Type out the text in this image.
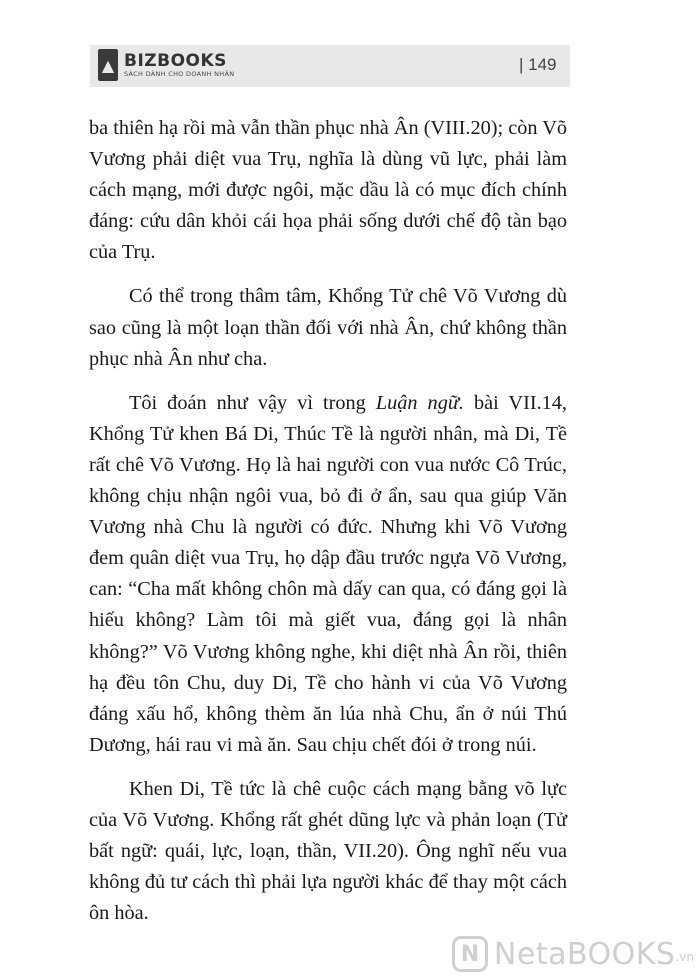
▲ BIZBOOKS
SÁCH DÀNH CHO DOANH NHÂN	| 149

ba thiên hạ rồi mà vẫn thần phục nhà Ân (VIII.20); còn Võ Vương phải diệt vua Trụ, nghĩa là dùng vũ lực, phải làm cách mạng, mới được ngôi, mặc dầu là có mục đích chính đáng: cứu dân khỏi cái họa phải sống dưới chế độ tàn bạo của Trụ.

Có thể trong thâm tâm, Khổng Tử chê Võ Vương dù sao cũng là một loạn thần đối với nhà Ân, chứ không thần phục nhà Ân như cha.

Tôi đoán như vậy vì trong Luận ngữ. bài VII.14, Khổng Tử khen Bá Di, Thúc Tề là người nhân, mà Di, Tề rất chê Võ Vương. Họ là hai người con vua nước Cô Trúc, không chịu nhận ngôi vua, bỏ đi ở ẩn, sau qua giúp Văn Vương nhà Chu là người có đức. Nhưng khi Võ Vương đem quân diệt vua Trụ, họ dập đầu trước ngựa Võ Vương, can: “Cha mất không chôn mà dấy can qua, có đáng gọi là hiếu không? Làm tôi mà giết vua, đáng gọi là nhân không?” Võ Vương không nghe, khi diệt nhà Ân rồi, thiên hạ đều tôn Chu, duy Di, Tề cho hành vi của Võ Vương đáng xấu hổ, không thèm ăn lúa nhà Chu, ẩn ở núi Thú Dương, hái rau vi mà ăn. Sau chịu chết đói ở trong núi.

Khen Di, Tề tức là chê cuộc cách mạng bằng võ lực của Võ Vương. Khổng rất ghét dũng lực và phản loạn (Tử bất ngữ: quái, lực, loạn, thần, VII.20). Ông nghĩ nếu vua không đủ tư cách thì phải lựa người khác để thay một cách ôn hòa.

N NetaBOOKS .vn
